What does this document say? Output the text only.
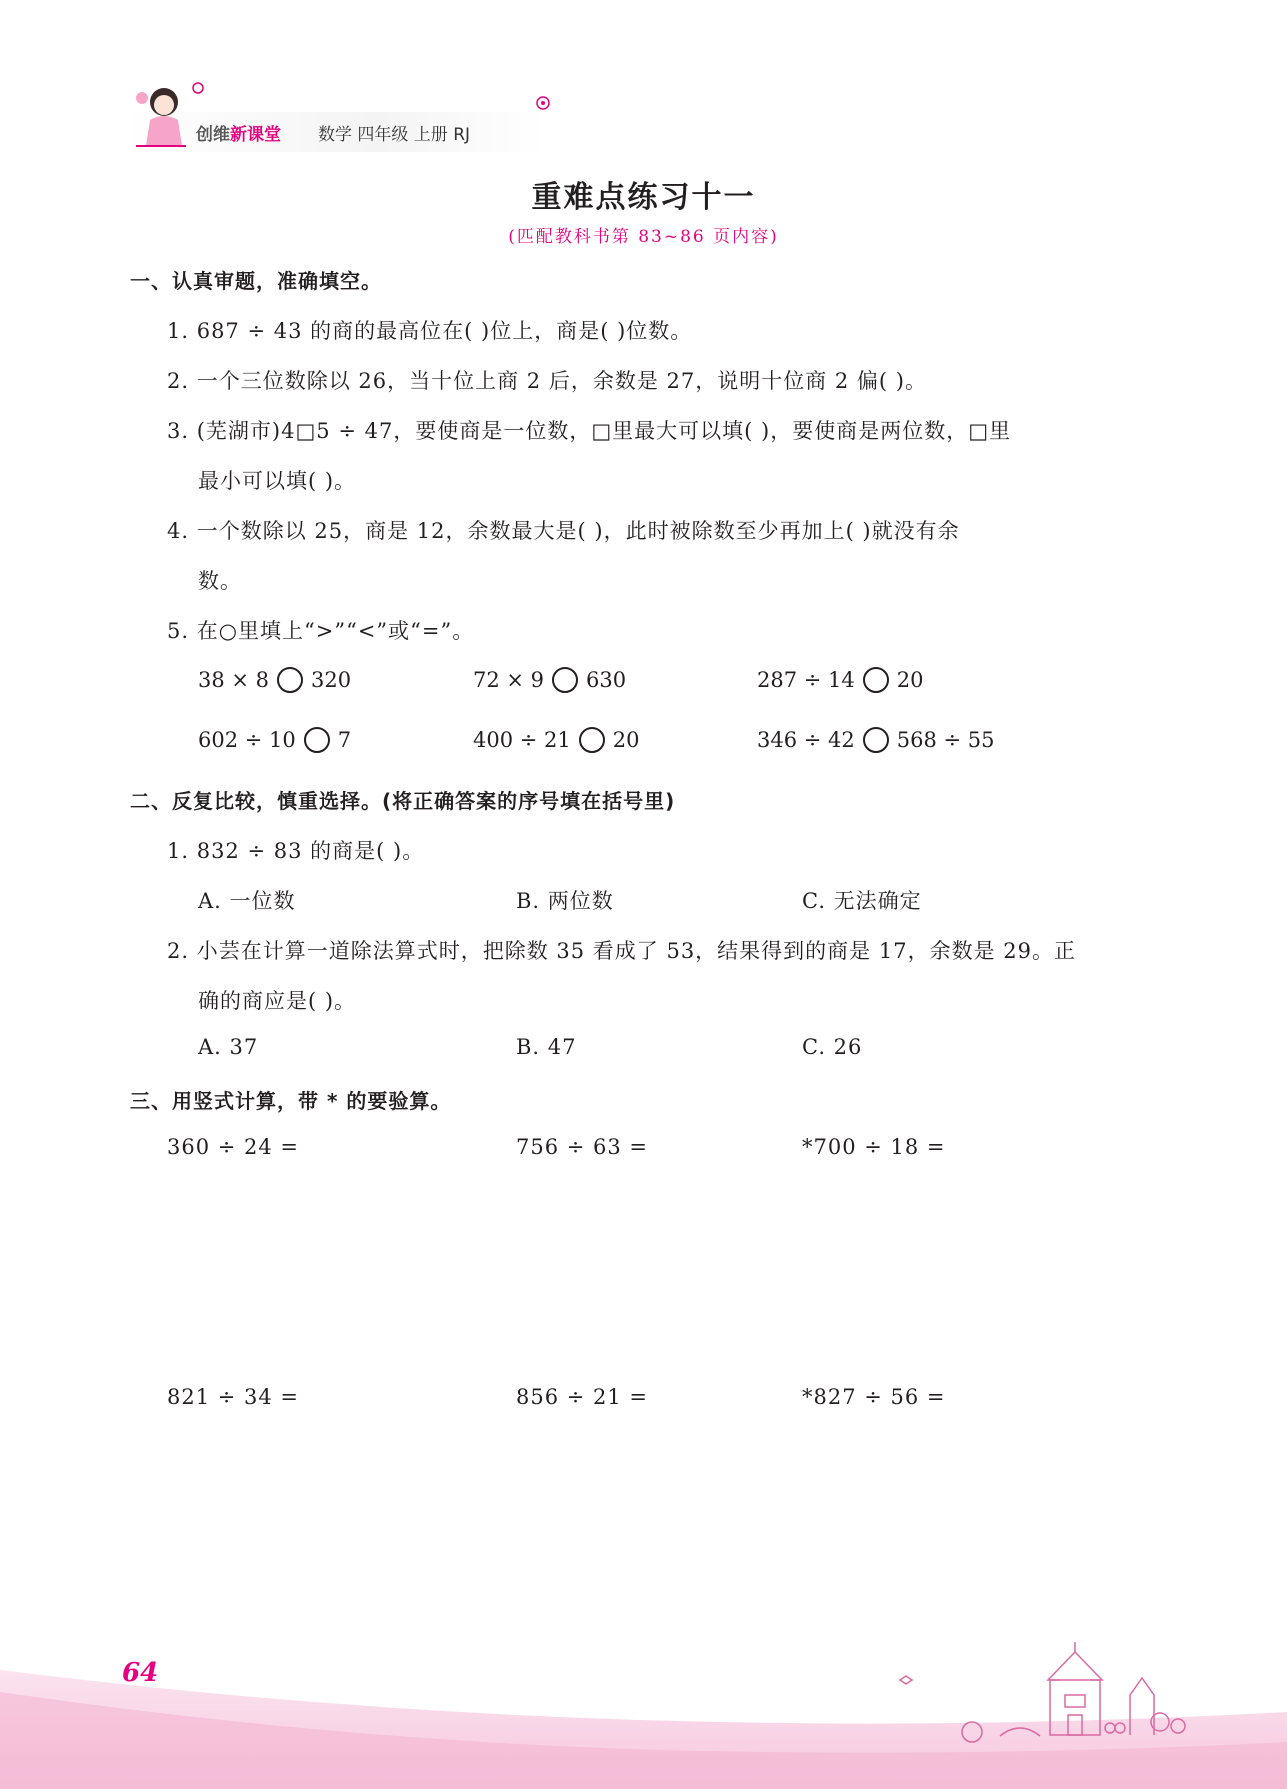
创维新课堂 数学 四年级 上册 RJ
重难点练习十一
(匹配教科书第 83~86 页内容)
一、认真审题，准确填空。
1. 687 ÷ 43 的商的最高位在( )位上，商是( )位数。
2. 一个三位数除以 26，当十位上商 2 后，余数是 27，说明十位商 2 偏( )。
3. (芜湖市)4□5 ÷ 47，要使商是一位数，□里最大可以填( )，要使商是两位数，□里
最小可以填( )。
4. 一个数除以 25，商是 12，余数最大是( )，此时被除数至少再加上( )就没有余
数。
5. 在○里填上“>”“<”或“=”。
38 × 8 320	72 × 9 630	287 ÷ 14 20
602 ÷ 10 7	400 ÷ 21 20	346 ÷ 42 568 ÷ 55
二、反复比较，慎重选择。(将正确答案的序号填在括号里)
1. 832 ÷ 83 的商是( )。
A. 一位数	B. 两位数	C. 无法确定
2. 小芸在计算一道除法算式时，把除数 35 看成了 53，结果得到的商是 17，余数是 29。正
确的商应是( )。
A. 37	B. 47	C. 26
三、用竖式计算，带 * 的要验算。
360 ÷ 24 =	756 ÷ 63 =	*700 ÷ 18 =
821 ÷ 34 =	856 ÷ 21 =	*827 ÷ 56 =
64
